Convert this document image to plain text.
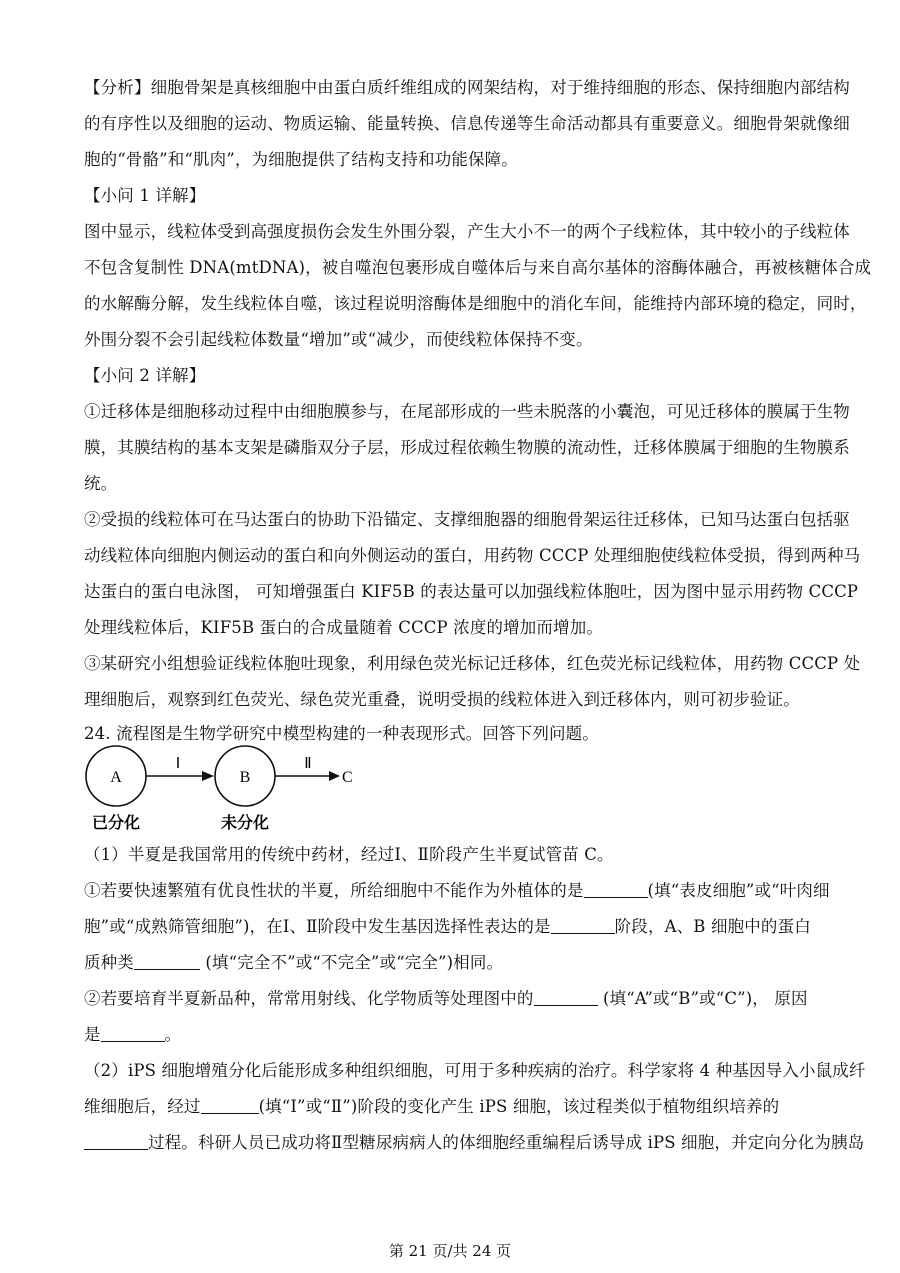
【分析】细胞骨架是真核细胞中由蛋白质纤维组成的网架结构，对于维持细胞的形态、保持细胞内部结构
的有序性以及细胞的运动、物质运输、能量转换、信息传递等生命活动都具有重要意义。细胞骨架就像细
胞的“骨骼”和“肌肉”，为细胞提供了结构支持和功能保障。
【小问 1 详解】
图中显示，线粒体受到高强度损伤会发生外围分裂，产生大小不一的两个子线粒体，其中较小的子线粒体
不包含复制性 DNA(mtDNA)，被自噬泡包裹形成自噬体后与来自高尔基体的溶酶体融合，再被核糖体合成
的水解酶分解，发生线粒体自噬，该过程说明溶酶体是细胞中的消化车间，能维持内部环境的稳定，同时，
外围分裂不会引起线粒体数量“增加”或“减少，而使线粒体保持不变。
【小问 2 详解】
①迁移体是细胞移动过程中由细胞膜参与，在尾部形成的一些未脱落的小囊泡，可见迁移体的膜属于生物
膜，其膜结构的基本支架是磷脂双分子层，形成过程依赖生物膜的流动性，迁移体膜属于细胞的生物膜系
统。
②受损的线粒体可在马达蛋白的协助下沿锚定、支撑细胞器的细胞骨架运往迁移体，已知马达蛋白包括驱
动线粒体向细胞内侧运动的蛋白和向外侧运动的蛋白，用药物 CCCP 处理细胞使线粒体受损，得到两种马
达蛋白的蛋白电泳图， 可知增强蛋白 KIF5B 的表达量可以加强线粒体胞吐，因为图中显示用药物 CCCP
处理线粒体后，KIF5B 蛋白的合成量随着 CCCP 浓度的增加而增加。
③某研究小组想验证线粒体胞吐现象，利用绿色荧光标记迁移体，红色荧光标记线粒体，用药物 CCCP 处
理细胞后，观察到红色荧光、绿色荧光重叠，说明受损的线粒体进入到迁移体内，则可初步验证。
24. 流程图是生物学研究中模型构建的一种表现形式。回答下列问题。
A
Ⅰ
B
Ⅱ
C
已分化	未分化
（1）半夏是我国常用的传统中药材，经过Ⅰ、Ⅱ阶段产生半夏试管苗 C。
①若要快速繁殖有优良性状的半夏，所给细胞中不能作为外植体的是	(填“表皮细胞”或“叶肉细
胞”或“成熟筛管细胞”)，在Ⅰ、Ⅱ阶段中发生基因选择性表达的是	阶段，A、B 细胞中的蛋白
质种类	(填“完全不”或“不完全”或“完全”)相同。
②若要培育半夏新品种，常常用射线、化学物质等处理图中的	(填“A”或“B”或“C”)， 原因
是	。
（2）iPS 细胞增殖分化后能形成多种组织细胞，可用于多种疾病的治疗。科学家将 4 种基因导入小鼠成纤
维细胞后，经过	(填“Ⅰ”或“Ⅱ”)阶段的变化产生 iPS 细胞，该过程类似于植物组织培养的
过程。科研人员已成功将Ⅱ型糖尿病病人的体细胞经重编程后诱导成 iPS 细胞，并定向分化为胰岛
第 21 页/共 24 页
